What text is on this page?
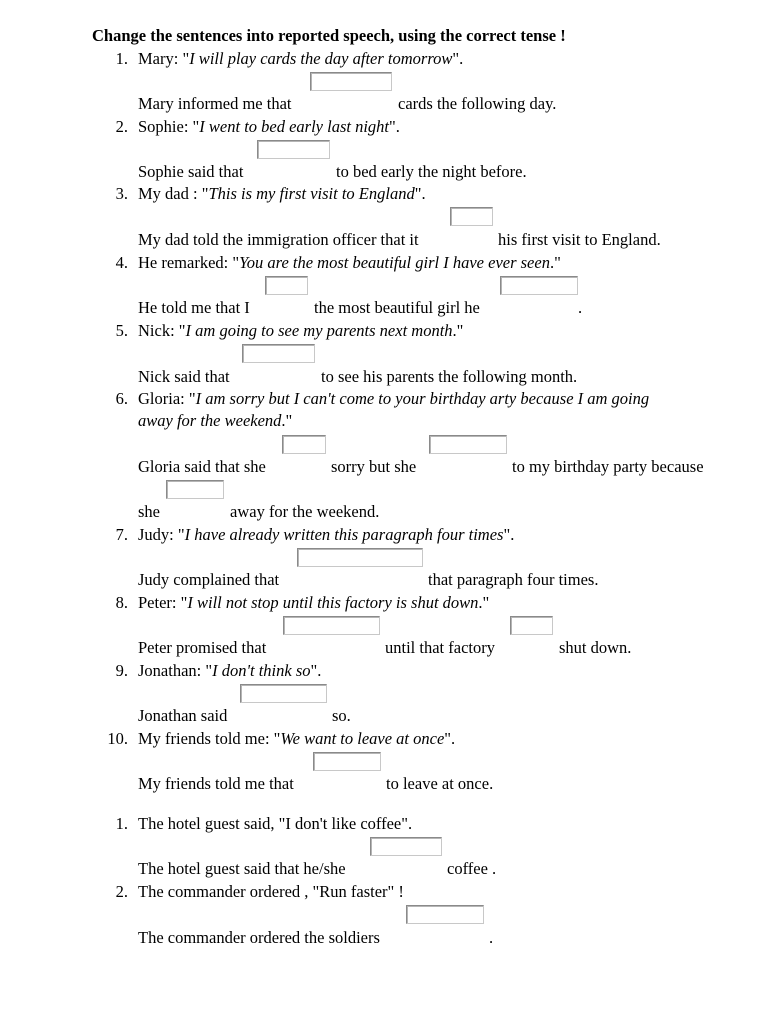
Change the sentences into reported speech, using the correct tense !
1. Mary: "I will play cards the day after tomorrow".
Mary informed me that	cards the following day.
2. Sophie: "I went to bed early last night".
Sophie said that	to bed early the night before.
3. My dad : "This is my first visit to England".
My dad told the immigration officer that it	his first visit to England.
4. He remarked: "You are the most beautiful girl I have ever seen."
He told me that I	the most beautiful girl he	.
5. Nick: "I am going to see my parents next month."
Nick said that	to see his parents the following month.
6. Gloria: "I am sorry but I can't come to your birthday arty because I am going
away for the weekend."
Gloria said that she	sorry but she	to my birthday party because
she	away for the weekend.
7. Judy: "I have already written this paragraph four times".
Judy complained that	that paragraph four times.
8. Peter: "I will not stop until this factory is shut down."
Peter promised that	until that factory	shut down.
9. Jonathan: "I don't think so".
Jonathan said	so.
10. My friends told me: "We want to leave at once".
My friends told me that	to leave at once.
1. The hotel guest said, "I don't like coffee".
The hotel guest said that he/she	coffee .
2. The commander ordered , "Run faster" !
The commander ordered the soldiers	.
